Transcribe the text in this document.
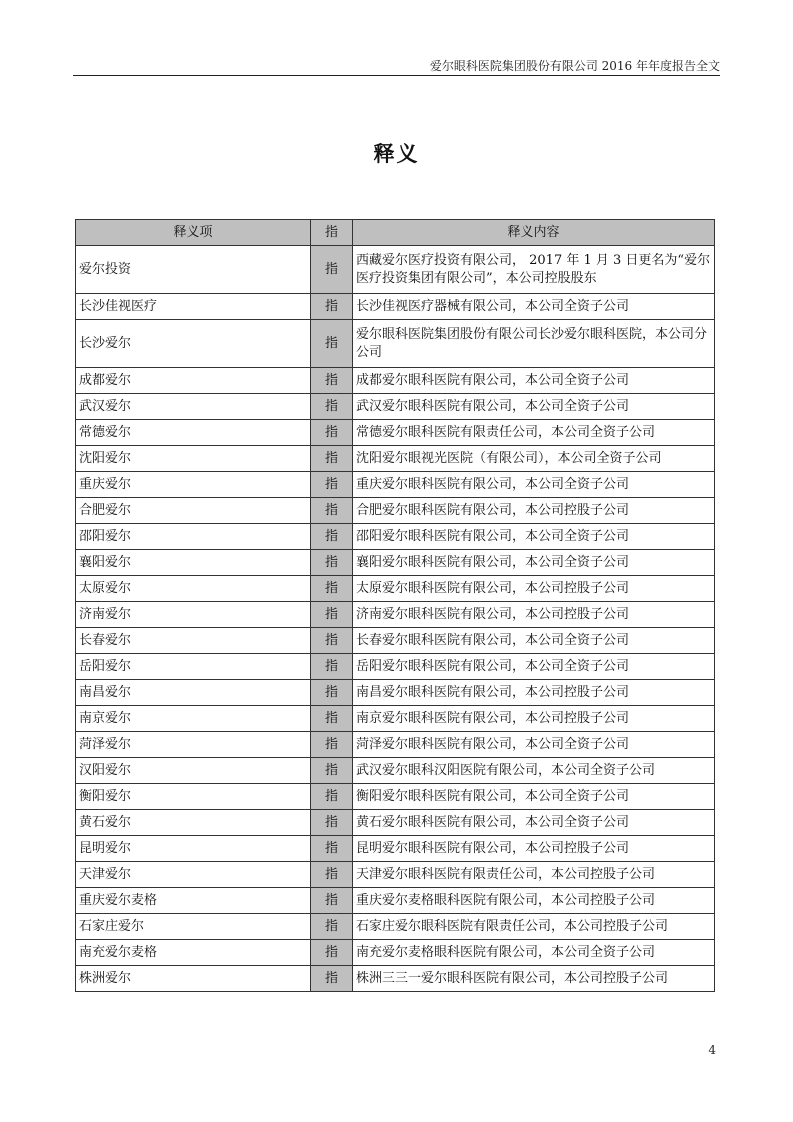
爱尔眼科医院集团股份有限公司 2016 年年度报告全文
释义
释义项	指	释义内容
爱尔投资	指	西藏爱尔医疗投资有限公司， 2017 年 1 月 3 日更名为“爱尔医疗投资集团有限公司”，本公司控股股东
长沙佳视医疗	指	长沙佳视医疗器械有限公司，本公司全资子公司
长沙爱尔	指	爱尔眼科医院集团股份有限公司长沙爱尔眼科医院，本公司分公司
成都爱尔	指	成都爱尔眼科医院有限公司，本公司全资子公司
武汉爱尔	指	武汉爱尔眼科医院有限公司，本公司全资子公司
常德爱尔	指	常德爱尔眼科医院有限责任公司，本公司全资子公司
沈阳爱尔	指	沈阳爱尔眼视光医院（有限公司），本公司全资子公司
重庆爱尔	指	重庆爱尔眼科医院有限公司，本公司全资子公司
合肥爱尔	指	合肥爱尔眼科医院有限公司，本公司控股子公司
邵阳爱尔	指	邵阳爱尔眼科医院有限公司，本公司全资子公司
襄阳爱尔	指	襄阳爱尔眼科医院有限公司，本公司全资子公司
太原爱尔	指	太原爱尔眼科医院有限公司，本公司控股子公司
济南爱尔	指	济南爱尔眼科医院有限公司，本公司控股子公司
长春爱尔	指	长春爱尔眼科医院有限公司，本公司全资子公司
岳阳爱尔	指	岳阳爱尔眼科医院有限公司，本公司全资子公司
南昌爱尔	指	南昌爱尔眼科医院有限公司，本公司控股子公司
南京爱尔	指	南京爱尔眼科医院有限公司，本公司控股子公司
菏泽爱尔	指	菏泽爱尔眼科医院有限公司，本公司全资子公司
汉阳爱尔	指	武汉爱尔眼科汉阳医院有限公司，本公司全资子公司
衡阳爱尔	指	衡阳爱尔眼科医院有限公司，本公司全资子公司
黄石爱尔	指	黄石爱尔眼科医院有限公司，本公司全资子公司
昆明爱尔	指	昆明爱尔眼科医院有限公司，本公司控股子公司
天津爱尔	指	天津爱尔眼科医院有限责任公司，本公司控股子公司
重庆爱尔麦格	指	重庆爱尔麦格眼科医院有限公司，本公司控股子公司
石家庄爱尔	指	石家庄爱尔眼科医院有限责任公司，本公司控股子公司
南充爱尔麦格	指	南充爱尔麦格眼科医院有限公司，本公司全资子公司
株洲爱尔	指	株洲三三一爱尔眼科医院有限公司，本公司控股子公司
4
